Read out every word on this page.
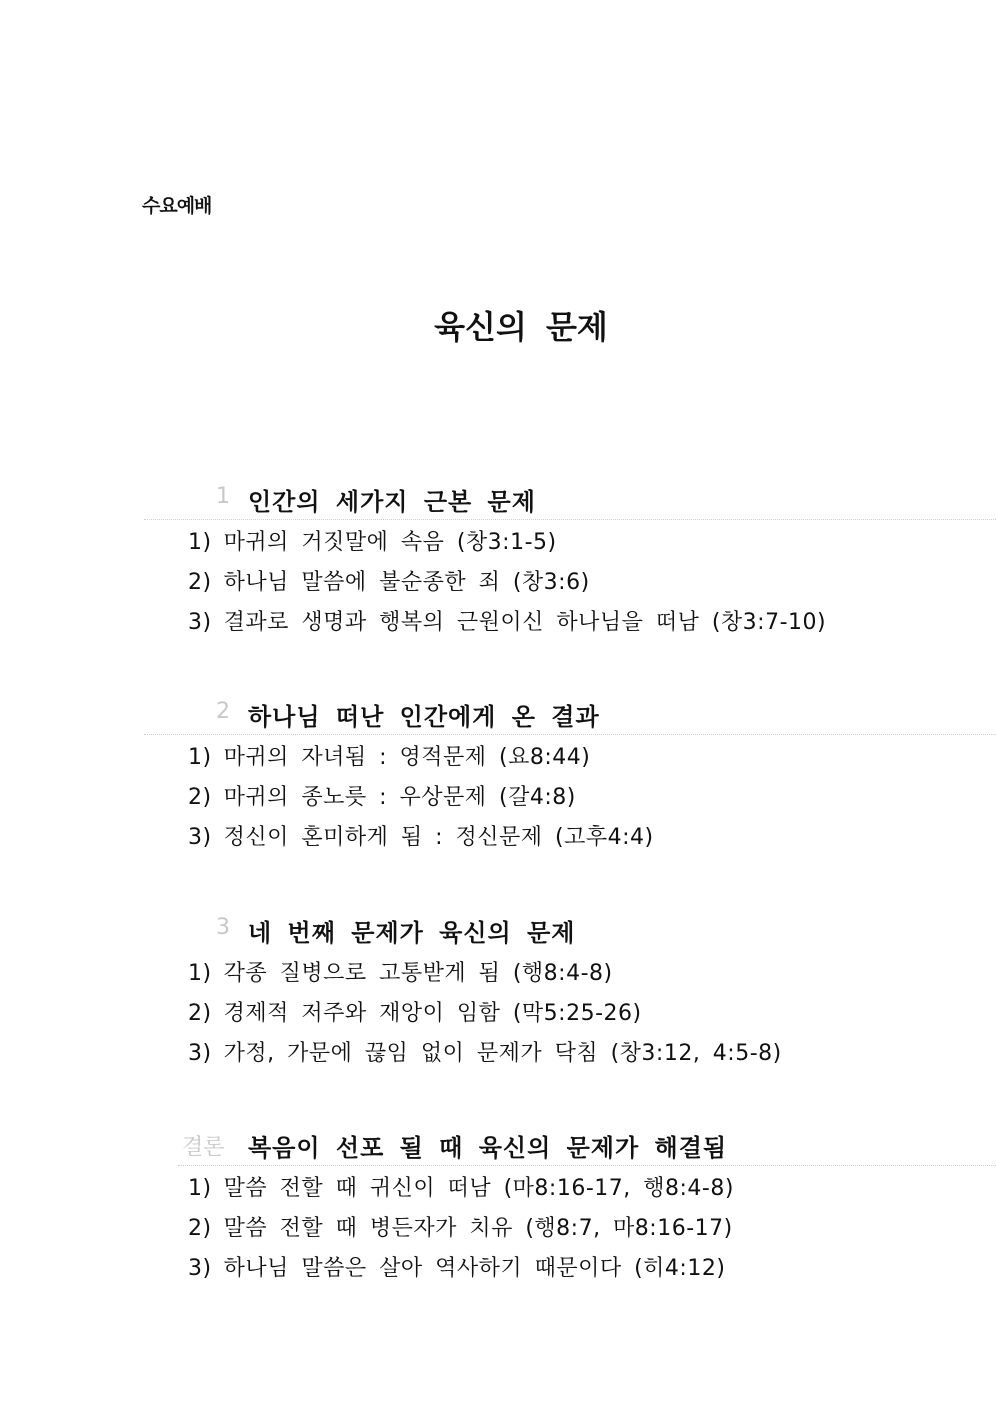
수요예배
육신의 문제
1 인간의 세가지 근본 문제
1) 마귀의 거짓말에 속음 (창3:1-5)
2) 하나님 말씀에 불순종한 죄 (창3:6)
3) 결과로 생명과 행복의 근원이신 하나님을 떠남 (창3:7-10)
2 하나님 떠난 인간에게 온 결과
1) 마귀의 자녀됨 : 영적문제 (요8:44)
2) 마귀의 종노릇 : 우상문제 (갈4:8)
3) 정신이 혼미하게 됨 : 정신문제 (고후4:4)
3 네 번째 문제가 육신의 문제
1) 각종 질병으로 고통받게 됨 (행8:4-8)
2) 경제적 저주와 재앙이 임함 (막5:25-26)
3) 가정, 가문에 끊임 없이 문제가 닥침 (창3:12, 4:5-8)
결론 복음이 선포 될 때 육신의 문제가 해결됨
1) 말씀 전할 때 귀신이 떠남 (마8:16-17, 행8:4-8)
2) 말씀 전할 때 병든자가 치유 (행8:7, 마8:16-17)
3) 하나님 말씀은 살아 역사하기 때문이다 (히4:12)
